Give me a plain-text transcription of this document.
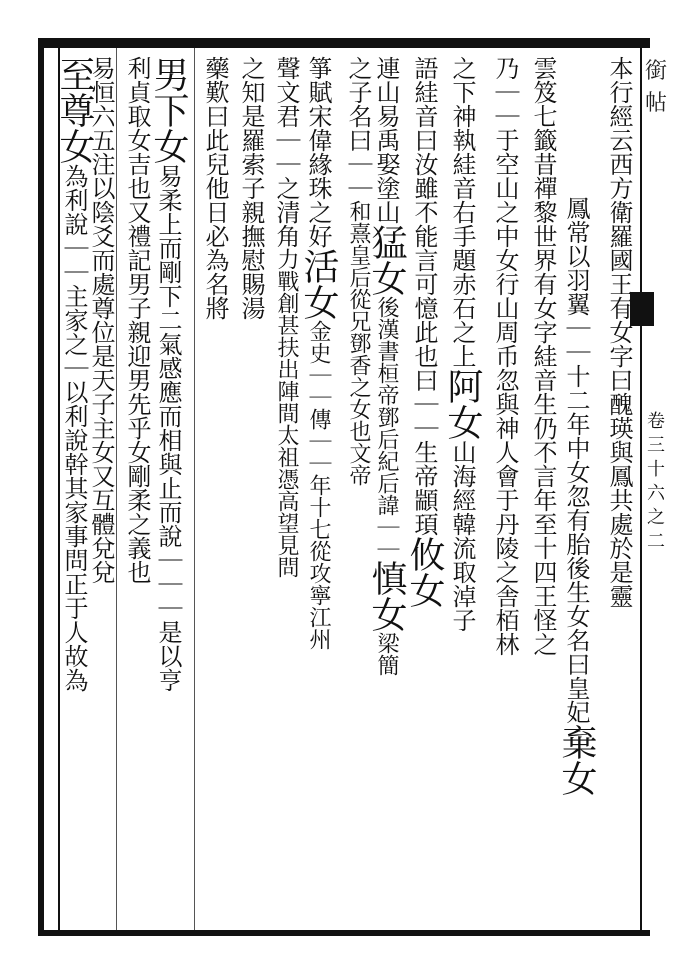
銜帖
卷三十六之二
本行經云西方衛羅國王有女字曰醜瑛與鳳共處於是靈
鳳常以羽翼｜｜十二年中女忽有胎後生女名曰皇妃棄女
雲笈七籤昔禪黎世界有女字絓音生仍不言年至十四王怪之
乃｜｜于空山之中女行山周币忽與神人會于丹陵之舎栢林
之下神執絓音右手題赤石之上阿女山海經韓流取淖子
語絓音曰汝雖不能言可憶此也曰｜｜生帝顓頊攸女
連山易禹娶塗山猛女後漢書桓帝鄧后紀后諱｜｜慎女梁簡
之子名曰｜｜和熹皇后從兄鄧香之女也文帝
箏賦宋偉緣珠之好活女金史｜｜傳｜｜年十七從攻寧江州
聲文君｜｜之清角力戰創甚扶出陣間太祖憑高望見問
之知是羅索子親撫慰賜湯
藥歎曰此兒他日必為名將
男下女易柔上而剛下二氣感應而相與止而說｜｜｜是以亨
利貞取女吉也又禮記男子親迎男先乎女剛柔之義也
易恒六五注以陰爻而處尊位是天子主女又互體兌兌
至尊女為利說｜｜主家之｜以利說幹其家事問正于人故為
